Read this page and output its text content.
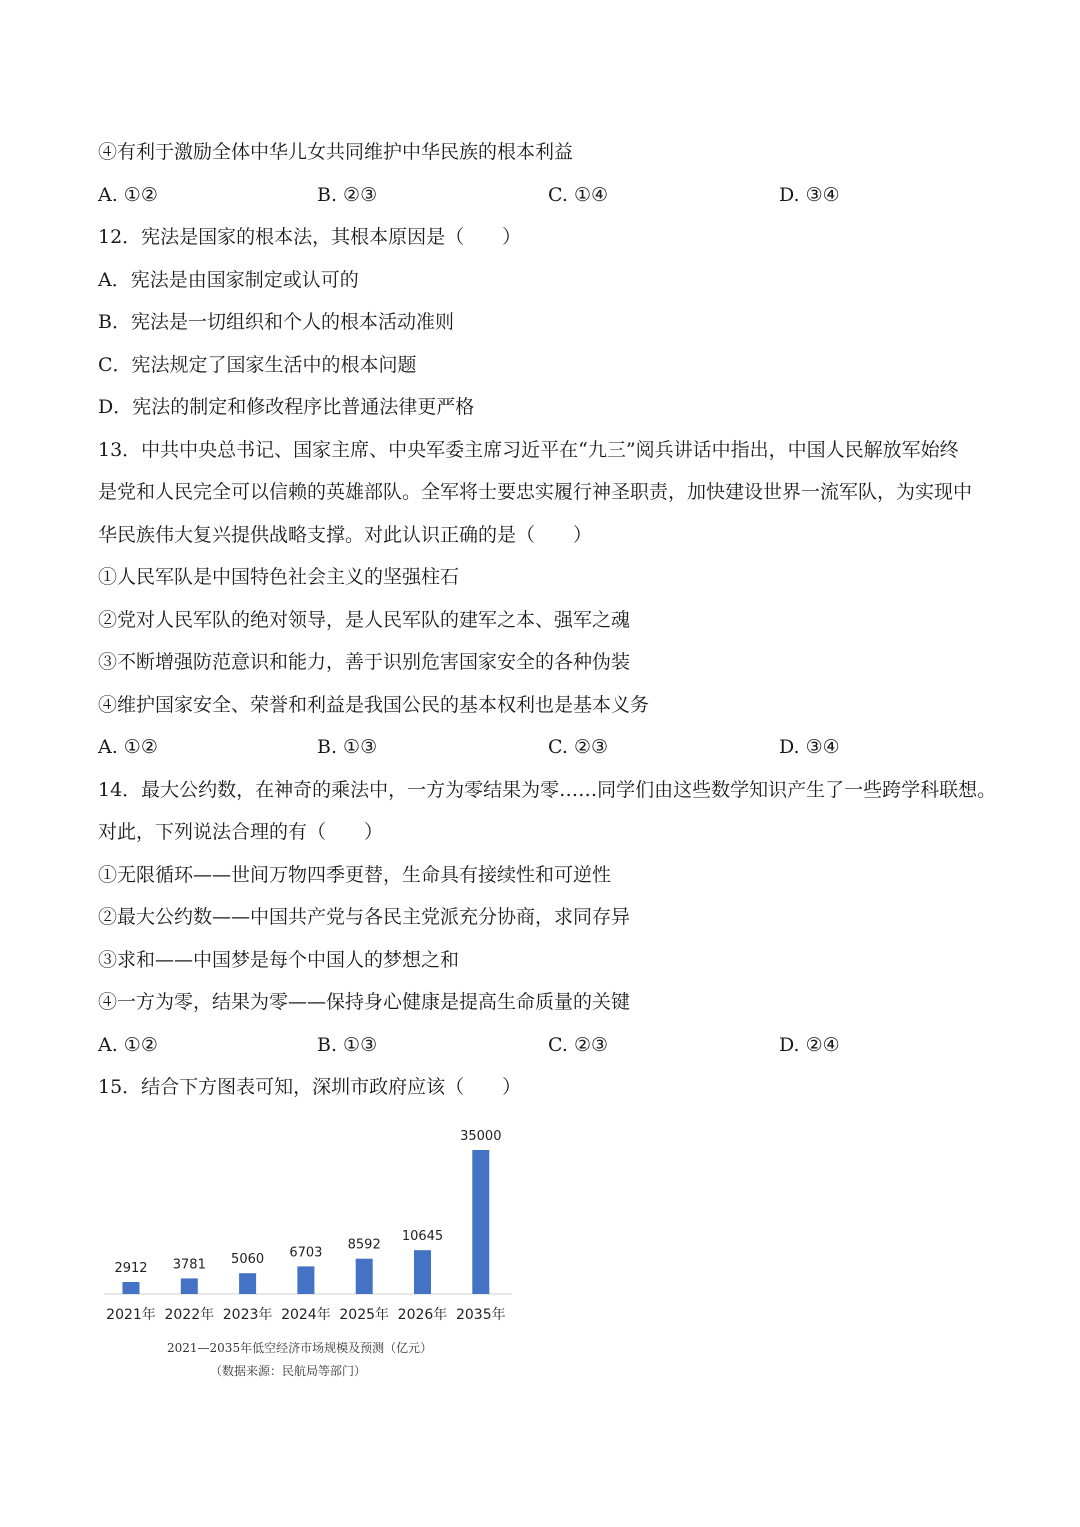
④有利于激励全体中华儿女共同维护中华民族的根本利益
A. ①②	B. ②③	C. ①④	D. ③④
12．宪法是国家的根本法，其根本原因是（　　）
A．宪法是由国家制定或认可的
B．宪法是一切组织和个人的根本活动准则
C．宪法规定了国家生活中的根本问题
D．宪法的制定和修改程序比普通法律更严格
13．中共中央总书记、国家主席、中央军委主席习近平在“九三”阅兵讲话中指出，中国人民解放军始终
是党和人民完全可以信赖的英雄部队。全军将士要忠实履行神圣职责，加快建设世界一流军队，为实现中
华民族伟大复兴提供战略支撑。对此认识正确的是（　　）
①人民军队是中国特色社会主义的坚强柱石
②党对人民军队的绝对领导，是人民军队的建军之本、强军之魂
③不断增强防范意识和能力，善于识别危害国家安全的各种伪装
④维护国家安全、荣誉和利益是我国公民的基本权利也是基本义务
A. ①②	B. ①③	C. ②③	D. ③④
14．最大公约数，在神奇的乘法中，一方为零结果为零……同学们由这些数学知识产生了一些跨学科联想。
对此，下列说法合理的有（　　）
①无限循环——世间万物四季更替，生命具有接续性和可逆性
②最大公约数——中国共产党与各民主党派充分协商，求同存异
③求和——中国梦是每个中国人的梦想之和
④一方为零，结果为零——保持身心健康是提高生命质量的关键
A. ①②	B. ①③	C. ②③	D. ②④
15．结合下方图表可知，深圳市政府应该（　　）
2912
2021年
3781
2022年
5060
2023年
6703
2024年
8592
2025年
10645
2026年
35000
2035年
2021—2035年低空经济市场规模及预测（亿元）
（数据来源：民航局等部门）
